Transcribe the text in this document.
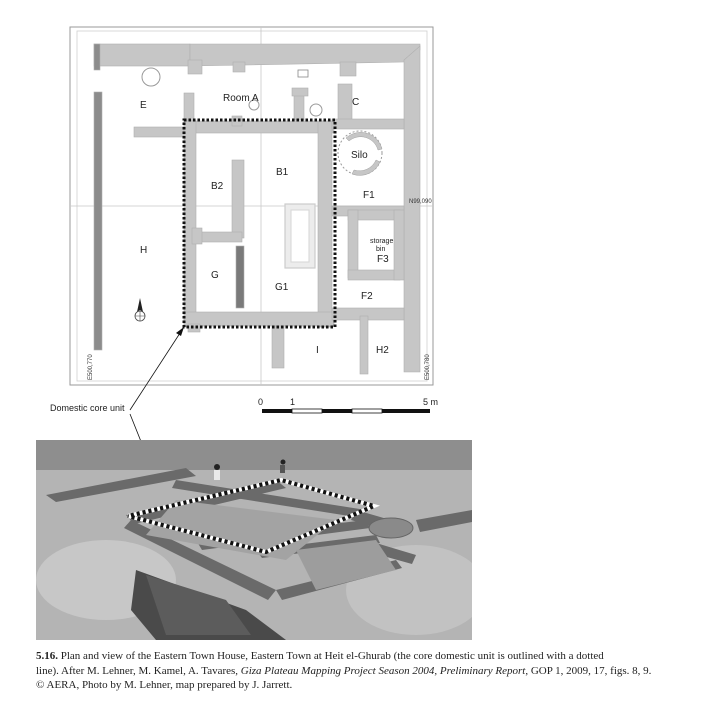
Room A
E	C
Silo
B2
B1
F1
H
storage
bin
F3
G
G1
F2
I	H2
N99,090
E500,770	E500,780
0	1	5 m
Domestic core unit
5.16. Plan and view of the Eastern Town House, Eastern Town at Heit el-Ghurab (the core domestic unit is outlined with a dotted
line). After M. Lehner, M. Kamel, A. Tavares, Giza Plateau Mapping Project Season 2004, Preliminary Report, GOP 1, 2009, 17, figs. 8, 9.
© AERA, Photo by M. Lehner, map prepared by J. Jarrett.
